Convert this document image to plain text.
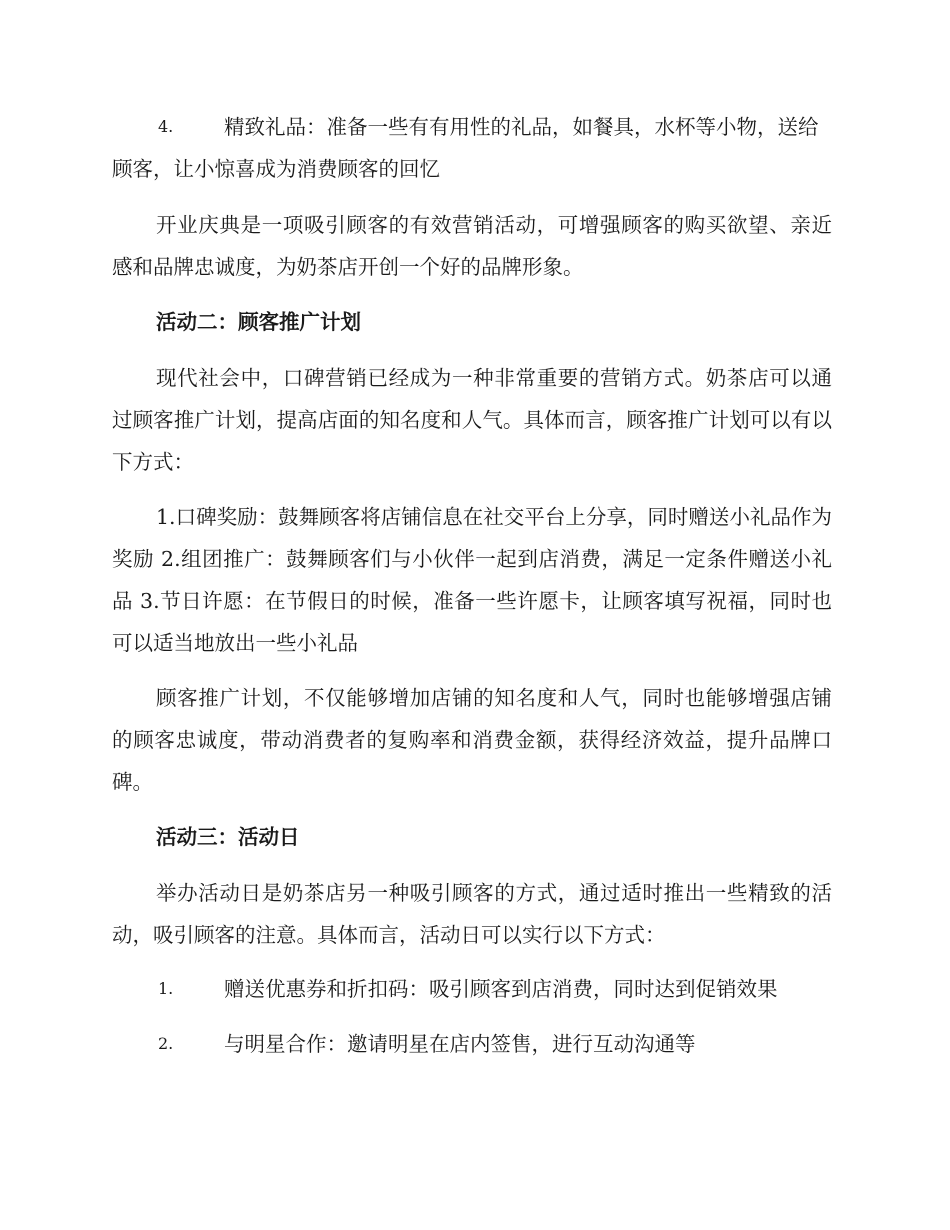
4.	精致礼品：准备一些有有用性的礼品，如餐具，水杯等小物，送给顾客，让小惊喜成为消费顾客的回忆

开业庆典是一项吸引顾客的有效营销活动，可增强顾客的购买欲望、亲近感和品牌忠诚度，为奶茶店开创一个好的品牌形象。

活动二：顾客推广计划

现代社会中，口碑营销已经成为一种非常重要的营销方式。奶茶店可以通过顾客推广计划，提高店面的知名度和人气。具体而言，顾客推广计划可以有以下方式：

1.口碑奖励：鼓舞顾客将店铺信息在社交平台上分享，同时赠送小礼品作为奖励 2.组团推广：鼓舞顾客们与小伙伴一起到店消费，满足一定条件赠送小礼品 3.节日许愿：在节假日的时候，准备一些许愿卡，让顾客填写祝福，同时也可以适当地放出一些小礼品

顾客推广计划，不仅能够增加店铺的知名度和人气，同时也能够增强店铺的顾客忠诚度，带动消费者的复购率和消费金额，获得经济效益，提升品牌口碑。

活动三：活动日

举办活动日是奶茶店另一种吸引顾客的方式，通过适时推出一些精致的活动，吸引顾客的注意。具体而言，活动日可以实行以下方式：

1.	赠送优惠券和折扣码：吸引顾客到店消费，同时达到促销效果
2.	与明星合作：邀请明星在店内签售，进行互动沟通等
